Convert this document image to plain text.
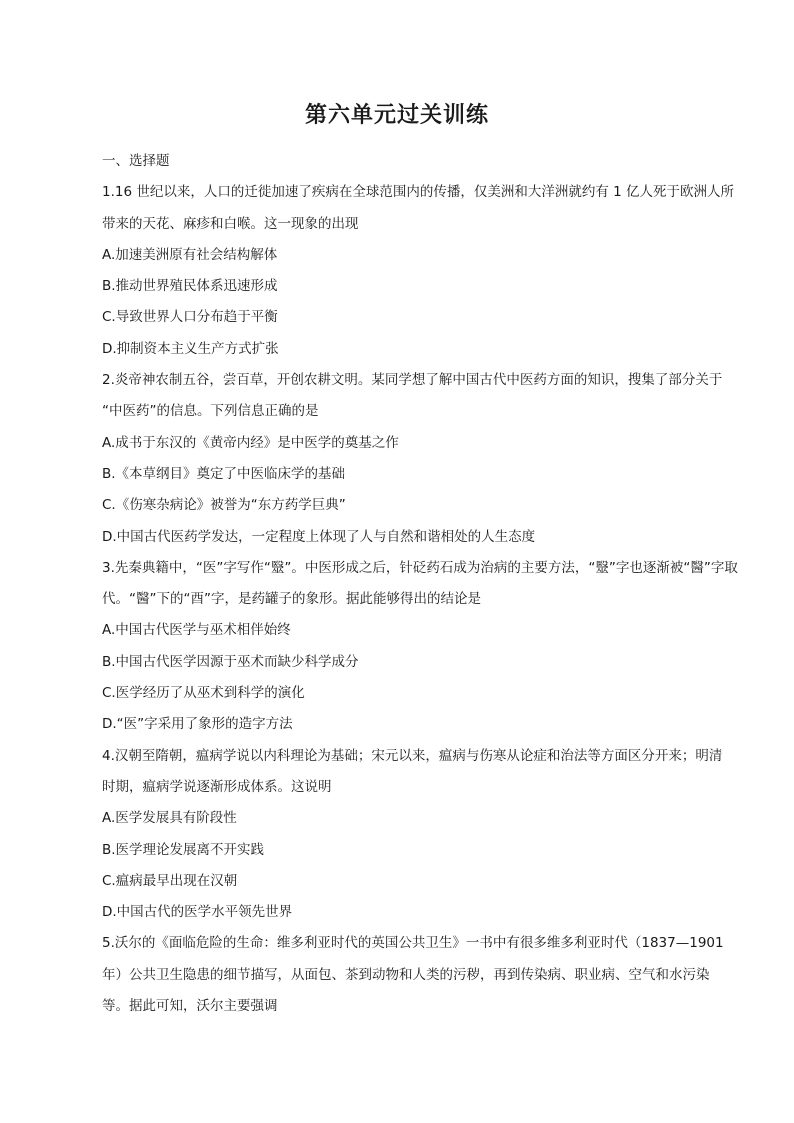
第六单元过关训练
一、选择题
1.16 世纪以来，人口的迁徙加速了疾病在全球范围内的传播，仅美洲和大洋洲就约有 1 亿人死于欧洲人所
带来的天花、麻疹和白喉。这一现象的出现
A.加速美洲原有社会结构解体
B.推动世界殖民体系迅速形成
C.导致世界人口分布趋于平衡
D.抑制资本主义生产方式扩张
2.炎帝神农制五谷，尝百草，开创农耕文明。某同学想了解中国古代中医药方面的知识，搜集了部分关于
“中医药”的信息。下列信息正确的是
A.成书于东汉的《黄帝内经》是中医学的奠基之作
B.《本草纲目》奠定了中医临床学的基础
C.《伤寒杂病论》被誉为“东方药学巨典”
D.中国古代医药学发达，一定程度上体现了人与自然和谐相处的人生态度
3.先秦典籍中，“医”字写作“毉”。中医形成之后，针砭药石成为治病的主要方法，“毉”字也逐渐被“醫”字取
代。“醫”下的“酉”字，是药罐子的象形。据此能够得出的结论是
A.中国古代医学与巫术相伴始终
B.中国古代医学因源于巫术而缺少科学成分
C.医学经历了从巫术到科学的演化
D.“医”字采用了象形的造字方法
4.汉朝至隋朝，瘟病学说以内科理论为基础；宋元以来，瘟病与伤寒从论症和治法等方面区分开来；明清
时期，瘟病学说逐渐形成体系。这说明
A.医学发展具有阶段性
B.医学理论发展离不开实践
C.瘟病最早出现在汉朝
D.中国古代的医学水平领先世界
5.沃尔的《面临危险的生命：维多利亚时代的英国公共卫生》一书中有很多维多利亚时代（1837—1901
年）公共卫生隐患的细节描写，从面包、茶到动物和人类的污秽，再到传染病、职业病、空气和水污染
等。据此可知，沃尔主要强调
